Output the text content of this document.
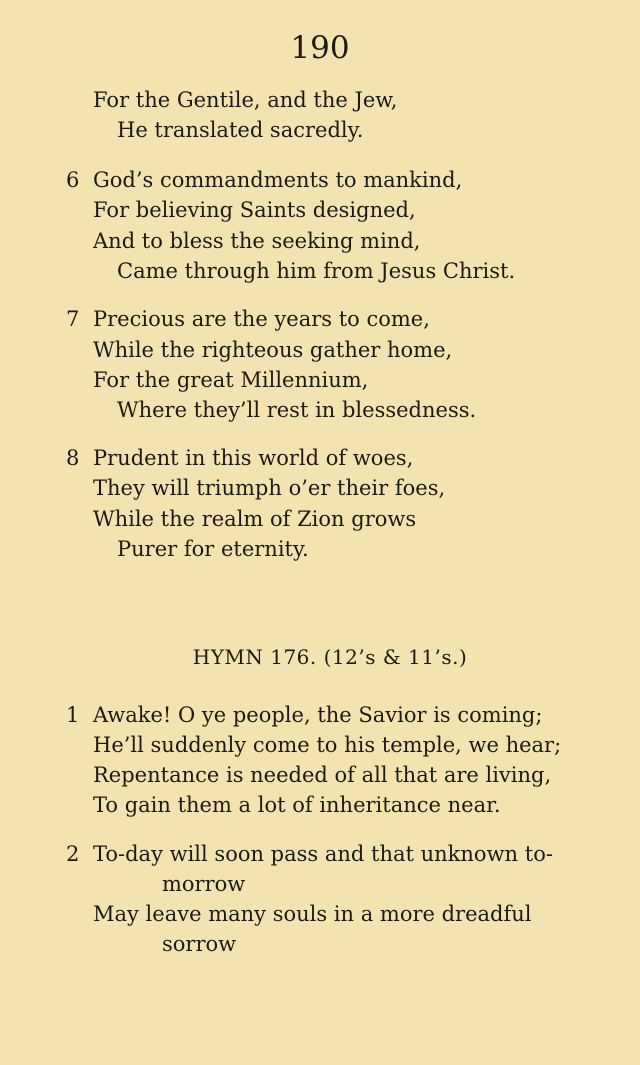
190
For the Gentile, and the Jew,
He translated sacredly.
6 God’s commandments to mankind,
For believing Saints designed,
And to bless the seeking mind,
Came through him from Jesus Christ.
7 Precious are the years to come,
While the righteous gather home,
For the great Millennium,
Where they’ll rest in blessedness.
8 Prudent in this world of woes,
They will triumph o’er their foes,
While the realm of Zion grows
Purer for eternity.
HYMN 176. (12’s & 11’s.)
1 Awake! O ye people, the Savior is coming;
He’ll suddenly come to his temple, we hear;
Repentance is needed of all that are living,
To gain them a lot of inheritance near.
2 To-day will soon pass and that unknown to-
morrow
May leave many souls in a more dreadful
sorrow
